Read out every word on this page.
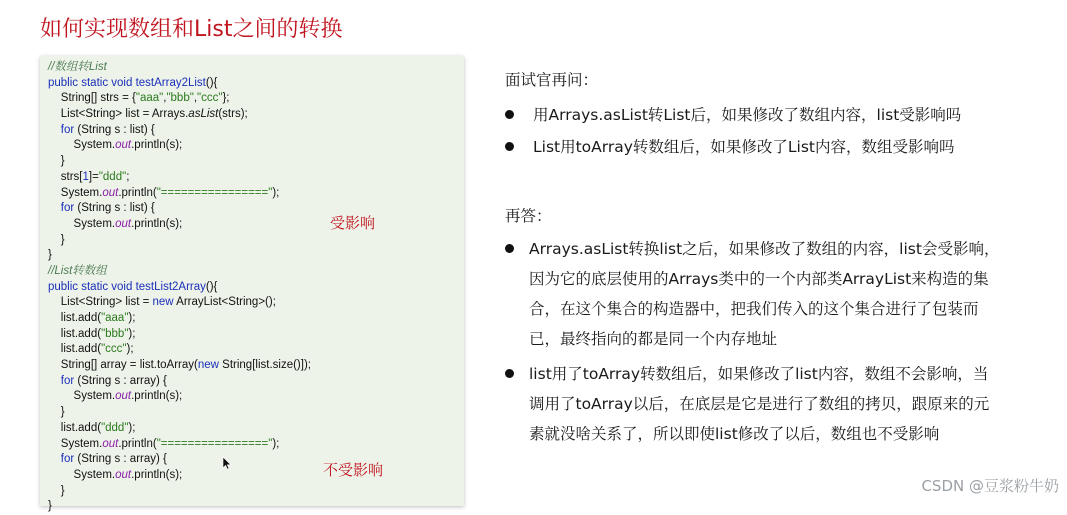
如何实现数组和List之间的转换
//数组转List
public static void testArray2List(){
String[] strs = {"aaa","bbb","ccc"};
List<String> list = Arrays.asList(strs);
for (String s : list) {
System.out.println(s);
}
strs[1]="ddd";
System.out.println("================");
for (String s : list) {
System.out.println(s);
}
}
//List转数组
public static void testList2Array(){
List<String> list = new ArrayList<String>();
list.add("aaa");
list.add("bbb");
list.add("ccc");
String[] array = list.toArray(new String[list.size()]);
for (String s : array) {
System.out.println(s);
}
list.add("ddd");
System.out.println("================");
for (String s : array) {
System.out.println(s);
}
}
受影响
不受影响
面试官再问：
用Arrays.asList转List后，如果修改了数组内容，list受影响吗
List用toArray转数组后，如果修改了List内容，数组受影响吗
再答：
Arrays.asList转换list之后，如果修改了数组的内容，list会受影响，
因为它的底层使用的Arrays类中的一个内部类ArrayList来构造的集
合，在这个集合的构造器中，把我们传入的这个集合进行了包装而
已，最终指向的都是同一个内存地址
list用了toArray转数组后，如果修改了list内容，数组不会影响，当
调用了toArray以后，在底层是它是进行了数组的拷贝，跟原来的元
素就没啥关系了，所以即使list修改了以后，数组也不受影响
CSDN @豆浆粉牛奶
